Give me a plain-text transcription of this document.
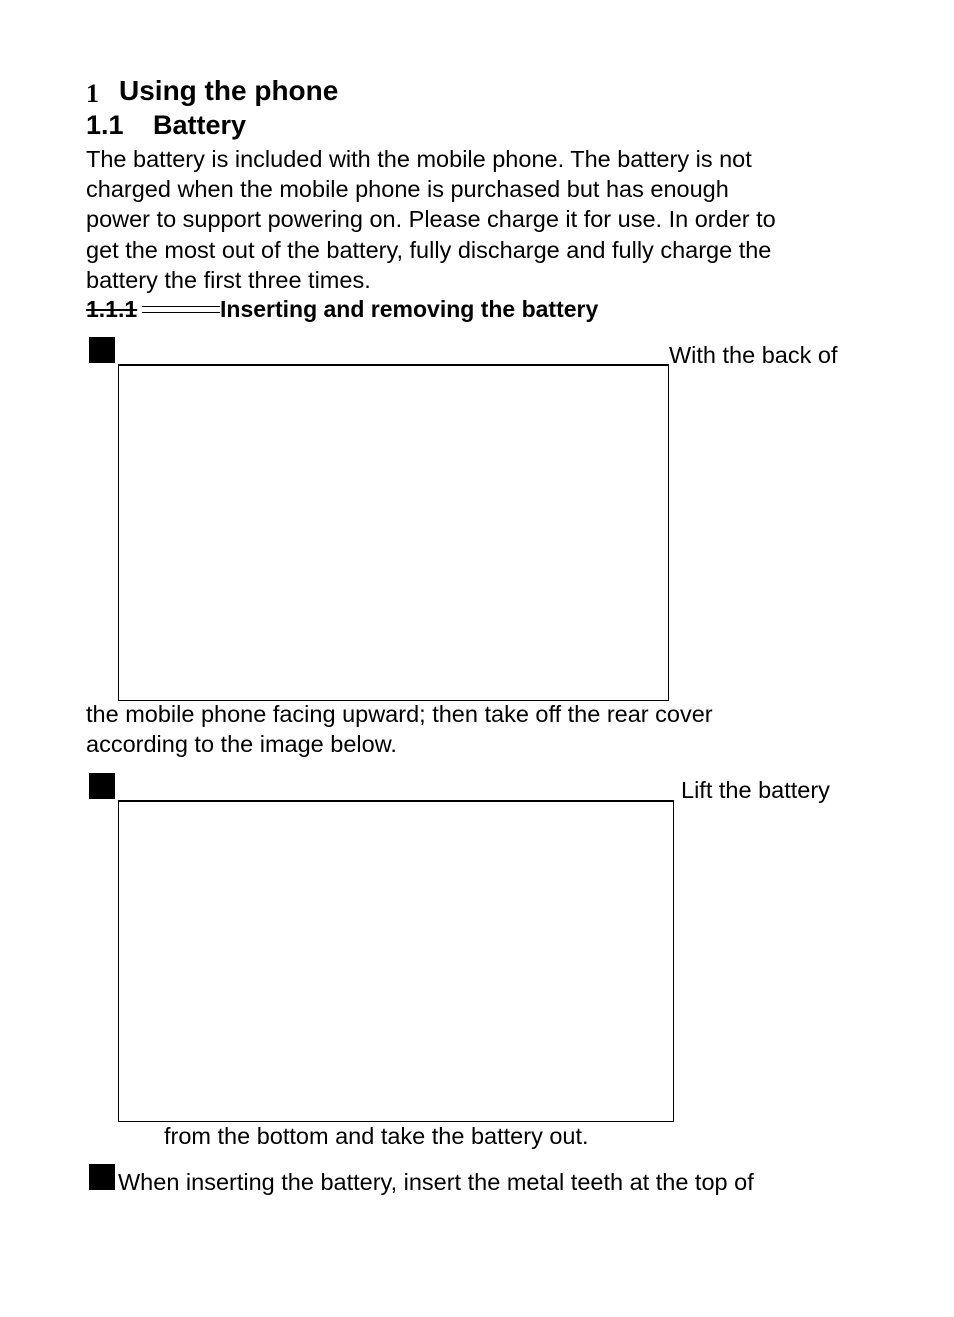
1 Using the phone
1.1 Battery
The battery is included with the mobile phone. The battery is not
charged when the mobile phone is purchased but has enough
power to support powering on. Please charge it for use. In order to
get the most out of the battery, fully discharge and fully charge the
battery the first three times.
1.1.1	Inserting and removing the battery
With the back of
the mobile phone facing upward; then take off the rear cover
according to the image below.
Lift the battery
from the bottom and take the battery out.
When inserting the battery, insert the metal teeth at the top of
